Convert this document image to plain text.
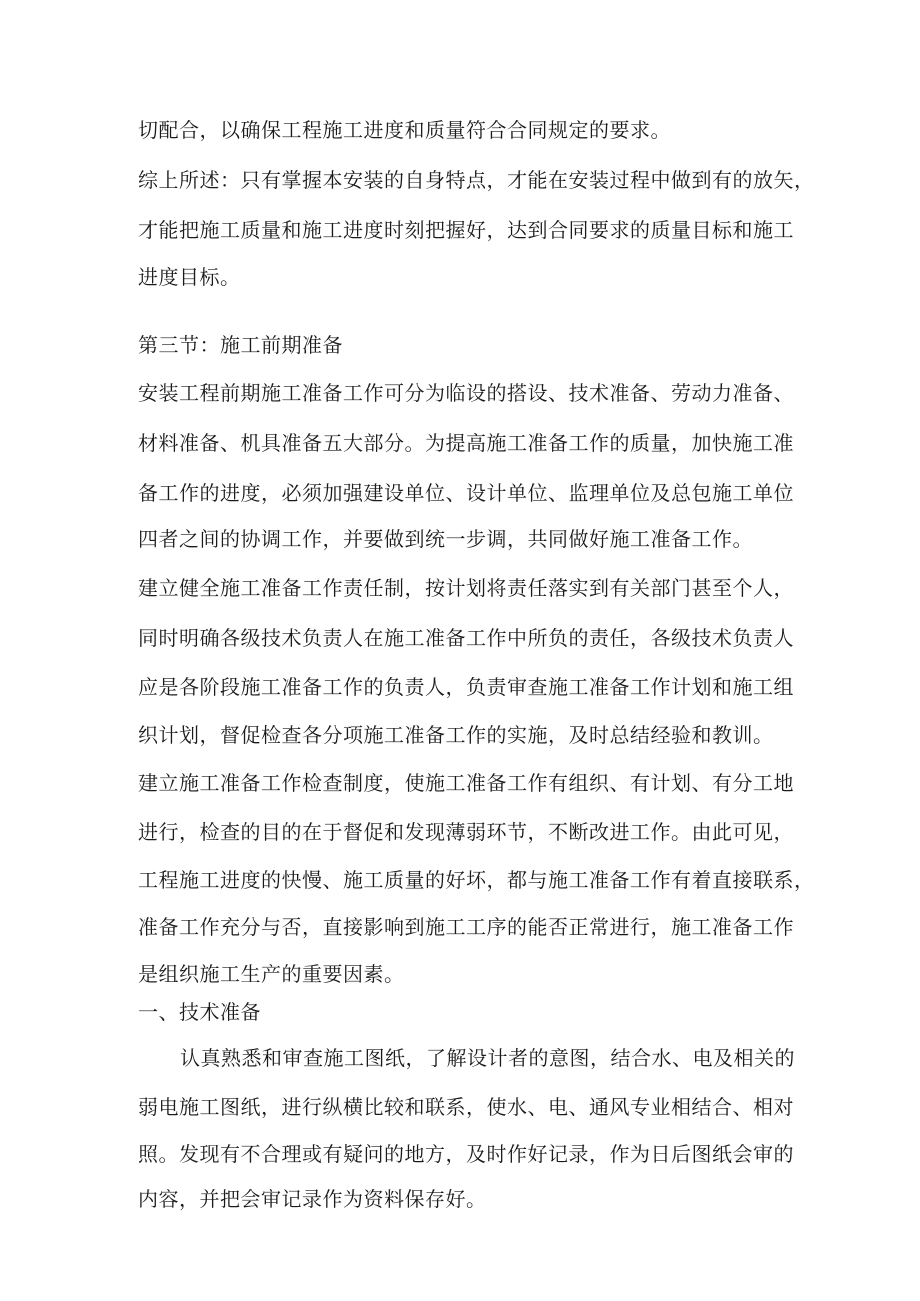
切配合，以确保工程施工进度和质量符合合同规定的要求。
综上所述：只有掌握本安装的自身特点，才能在安装过程中做到有的放矢，
才能把施工质量和施工进度时刻把握好，达到合同要求的质量目标和施工
进度目标。
第三节：施工前期准备
安装工程前期施工准备工作可分为临设的搭设、技术准备、劳动力准备、
材料准备、机具准备五大部分。为提高施工准备工作的质量，加快施工准
备工作的进度，必须加强建设单位、设计单位、监理单位及总包施工单位
四者之间的协调工作，并要做到统一步调，共同做好施工准备工作。
建立健全施工准备工作责任制，按计划将责任落实到有关部门甚至个人，
同时明确各级技术负责人在施工准备工作中所负的责任，各级技术负责人
应是各阶段施工准备工作的负责人，负责审查施工准备工作计划和施工组
织计划，督促检查各分项施工准备工作的实施，及时总结经验和教训。
建立施工准备工作检查制度，使施工准备工作有组织、有计划、有分工地
进行，检查的目的在于督促和发现薄弱环节，不断改进工作。由此可见，
工程施工进度的快慢、施工质量的好坏，都与施工准备工作有着直接联系，
准备工作充分与否，直接影响到施工工序的能否正常进行，施工准备工作
是组织施工生产的重要因素。
一、技术准备
认真熟悉和审查施工图纸，了解设计者的意图，结合水、电及相关的
弱电施工图纸，进行纵横比较和联系，使水、电、通风专业相结合、相对
照。发现有不合理或有疑问的地方，及时作好记录，作为日后图纸会审的
内容，并把会审记录作为资料保存好。
